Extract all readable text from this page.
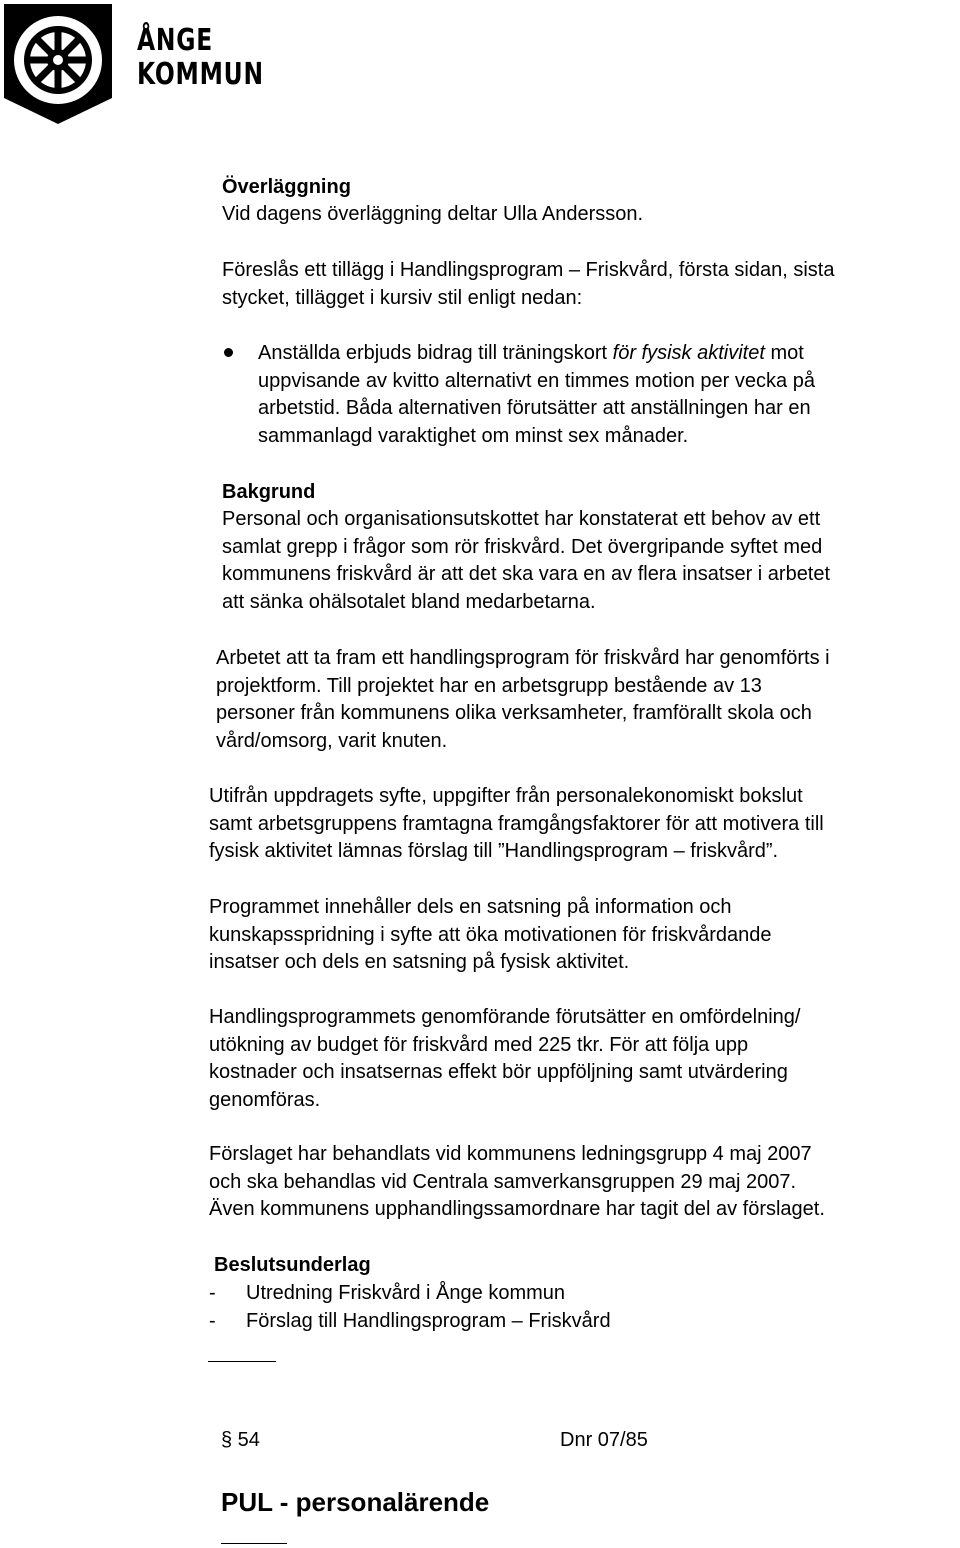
ÅNGE
KOMMUN
Överläggning
Vid dagens överläggning deltar Ulla Andersson.
Föreslås ett tillägg i Handlingsprogram – Friskvård, första sidan, sista
stycket, tillägget i kursiv stil enligt nedan:
Anställda erbjuds bidrag till träningskort för fysisk aktivitet mot
uppvisande av kvitto alternativt en timmes motion per vecka på
arbetstid. Båda alternativen förutsätter att anställningen har en
sammanlagd varaktighet om minst sex månader.
Bakgrund
Personal och organisationsutskottet har konstaterat ett behov av ett
samlat grepp i frågor som rör friskvård. Det övergripande syftet med
kommunens friskvård är att det ska vara en av flera insatser i arbetet
att sänka ohälsotalet bland medarbetarna.
Arbetet att ta fram ett handlingsprogram för friskvård har genomförts i
projektform. Till projektet har en arbetsgrupp bestående av 13
personer från kommunens olika verksamheter, framförallt skola och
vård/omsorg, varit knuten.
Utifrån uppdragets syfte, uppgifter från personalekonomiskt bokslut
samt arbetsgruppens framtagna framgångsfaktorer för att motivera till
fysisk aktivitet lämnas förslag till ”Handlingsprogram – friskvård”.
Programmet innehåller dels en satsning på information och
kunskapsspridning i syfte att öka motivationen för friskvårdande
insatser och dels en satsning på fysisk aktivitet.
Handlingsprogrammets genomförande förutsätter en omfördelning/
utökning av budget för friskvård med 225 tkr. För att följa upp
kostnader och insatsernas effekt bör uppföljning samt utvärdering
genomföras.
Förslaget har behandlats vid kommunens ledningsgrupp 4 maj 2007
och ska behandlas vid Centrala samverkansgruppen 29 maj 2007.
Även kommunens upphandlingssamordnare har tagit del av förslaget.
Beslutsunderlag
- Utredning Friskvård i Ånge kommun
- Förslag till Handlingsprogram – Friskvård
§ 54	Dnr 07/85
PUL - personalärende
